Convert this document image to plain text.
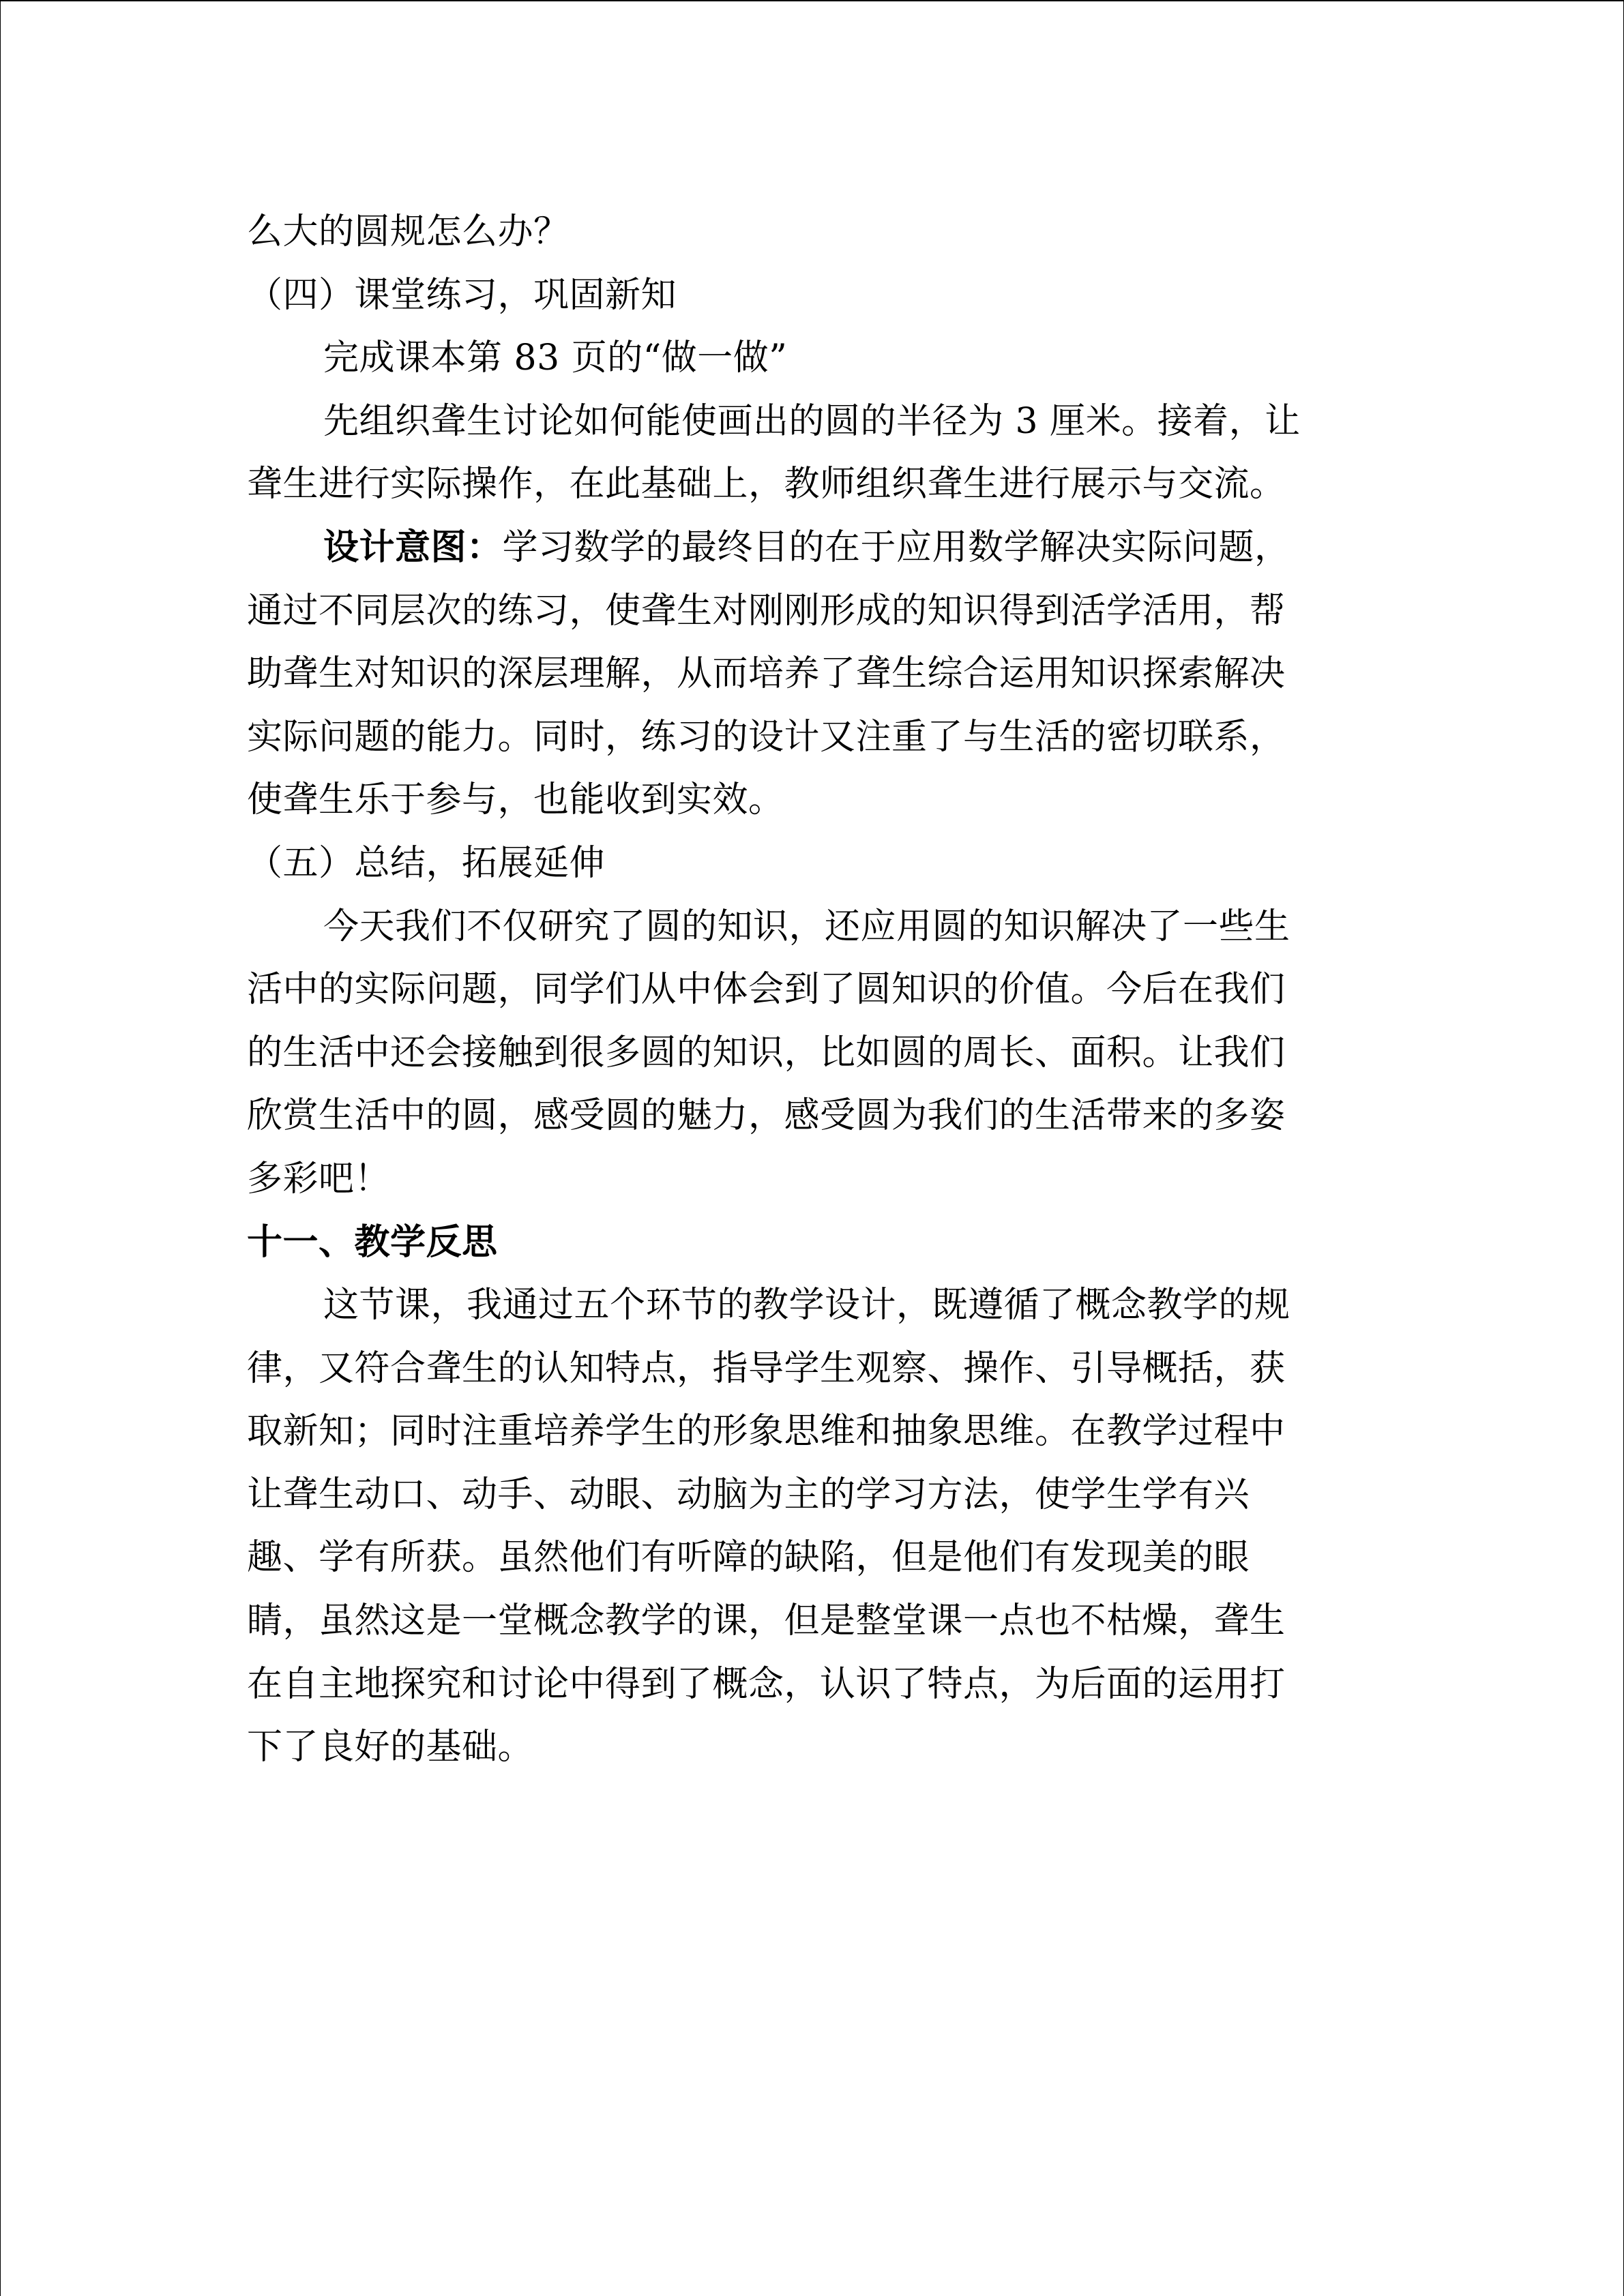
么大的圆规怎么办？
（四）课堂练习，巩固新知
完成课本第 83 页的“做一做”
先组织聋生讨论如何能使画出的圆的半径为 3 厘米。接着，让
聋生进行实际操作，在此基础上，教师组织聋生进行展示与交流。
设计意图：学习数学的最终目的在于应用数学解决实际问题，
通过不同层次的练习，使聋生对刚刚形成的知识得到活学活用，帮
助聋生对知识的深层理解，从而培养了聋生综合运用知识探索解决
实际问题的能力。同时，练习的设计又注重了与生活的密切联系，
使聋生乐于参与，也能收到实效。
（五）总结，拓展延伸
今天我们不仅研究了圆的知识，还应用圆的知识解决了一些生
活中的实际问题，同学们从中体会到了圆知识的价值。今后在我们
的生活中还会接触到很多圆的知识，比如圆的周长、面积。让我们
欣赏生活中的圆，感受圆的魅力，感受圆为我们的生活带来的多姿
多彩吧！
十一、教学反思
这节课，我通过五个环节的教学设计，既遵循了概念教学的规
律，又符合聋生的认知特点，指导学生观察、操作、引导概括，获
取新知；同时注重培养学生的形象思维和抽象思维。在教学过程中
让聋生动口、动手、动眼、动脑为主的学习方法，使学生学有兴
趣、学有所获。虽然他们有听障的缺陷，但是他们有发现美的眼
睛，虽然这是一堂概念教学的课，但是整堂课一点也不枯燥，聋生
在自主地探究和讨论中得到了概念，认识了特点，为后面的运用打
下了良好的基础。
